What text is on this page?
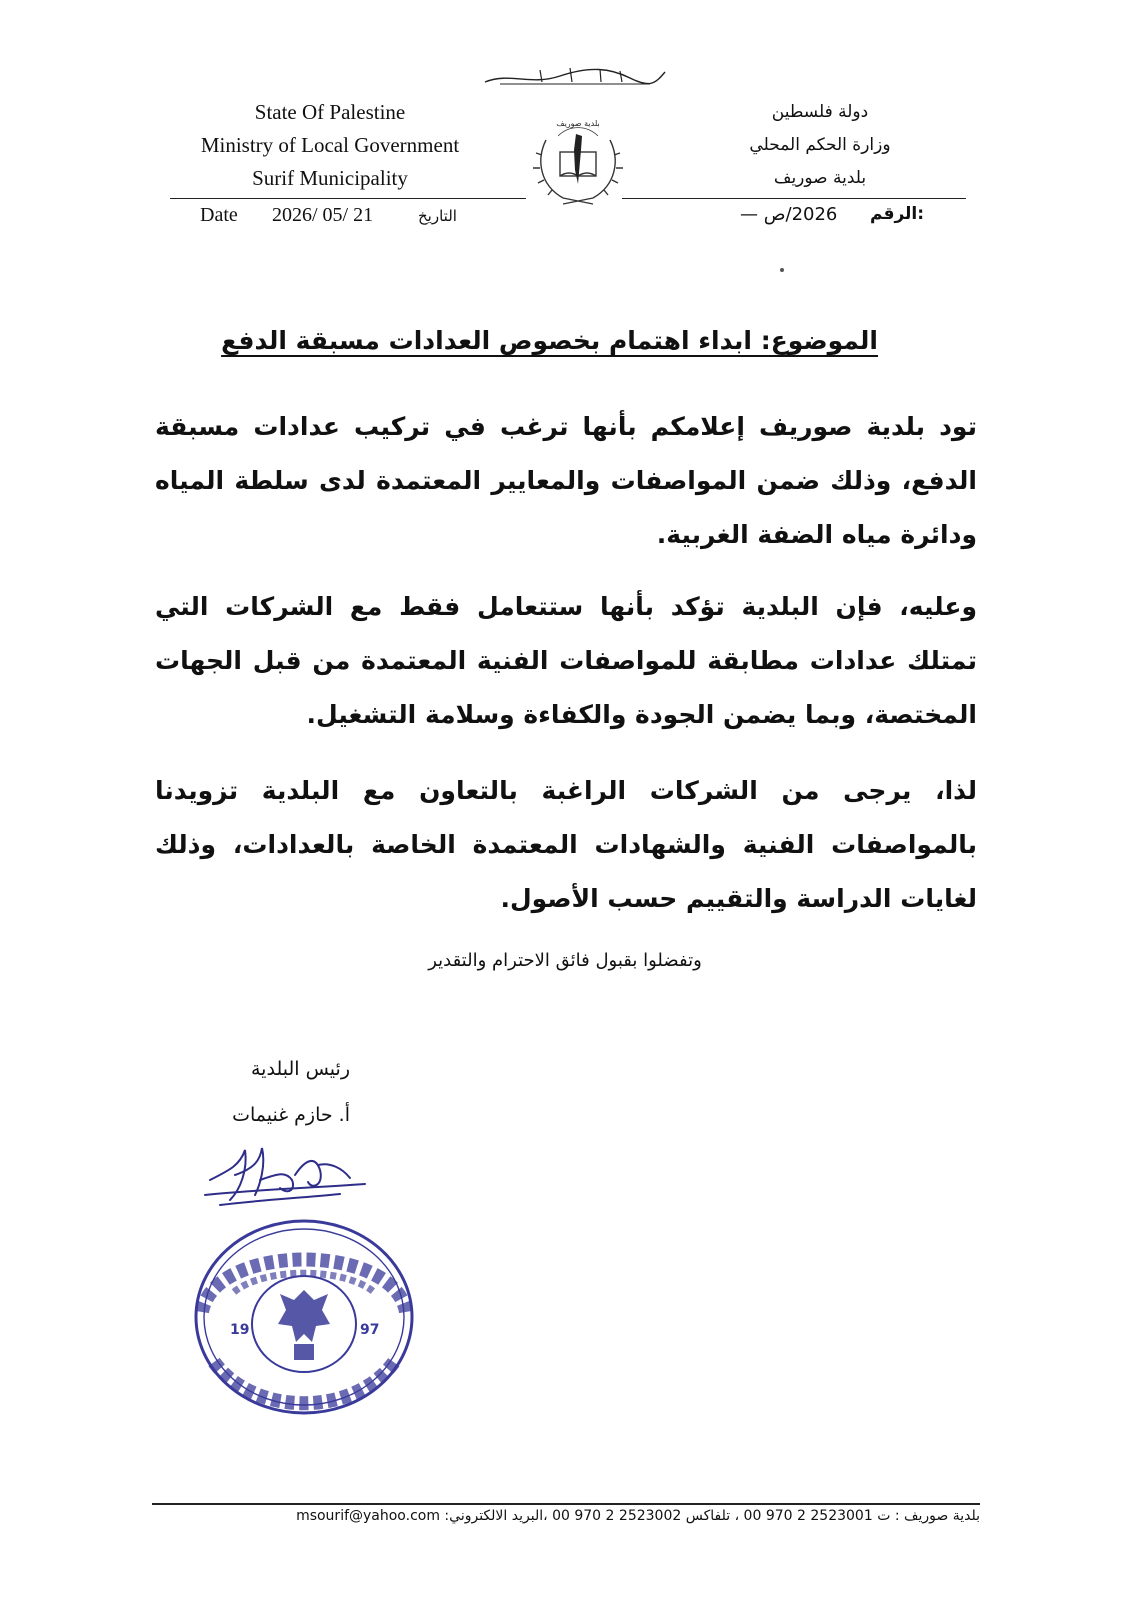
State Of Palestine
Ministry of Local Government
Surif Municipality
بلدية صوريف
دولة فلسطين
وزارة الحكم المحلي
بلدية صوريف
Date 2026/ 05/ 21	التاريخ	2026/ص — الرقم:
الموضوع: ابداء اهتمام بخصوص العدادات مسبقة الدفع
تود بلدية صوريف إعلامكم بأنها ترغب في تركيب عدادات مسبقة الدفع، وذلك ضمن المواصفات والمعايير المعتمدة لدى سلطة المياه ودائرة مياه الضفة الغربية.
وعليه، فإن البلدية تؤكد بأنها ستتعامل فقط مع الشركات التي تمتلك عدادات مطابقة للمواصفات الفنية المعتمدة من قبل الجهات المختصة، وبما يضمن الجودة والكفاءة وسلامة التشغيل.
لذا، يرجى من الشركات الراغبة بالتعاون مع البلدية تزويدنا بالمواصفات الفنية والشهادات المعتمدة الخاصة بالعدادات، وذلك لغايات الدراسة والتقييم حسب الأصول.
وتفضلوا بقبول فائق الاحترام والتقدير
رئيس البلدية
أ. حازم غنيمات
19	97
بلدية صوريف : ت 2523001 2 970 00 ، تلفاكس 2523002 2 970 00 ،البريد الالكتروني: msourif@yahoo.com
